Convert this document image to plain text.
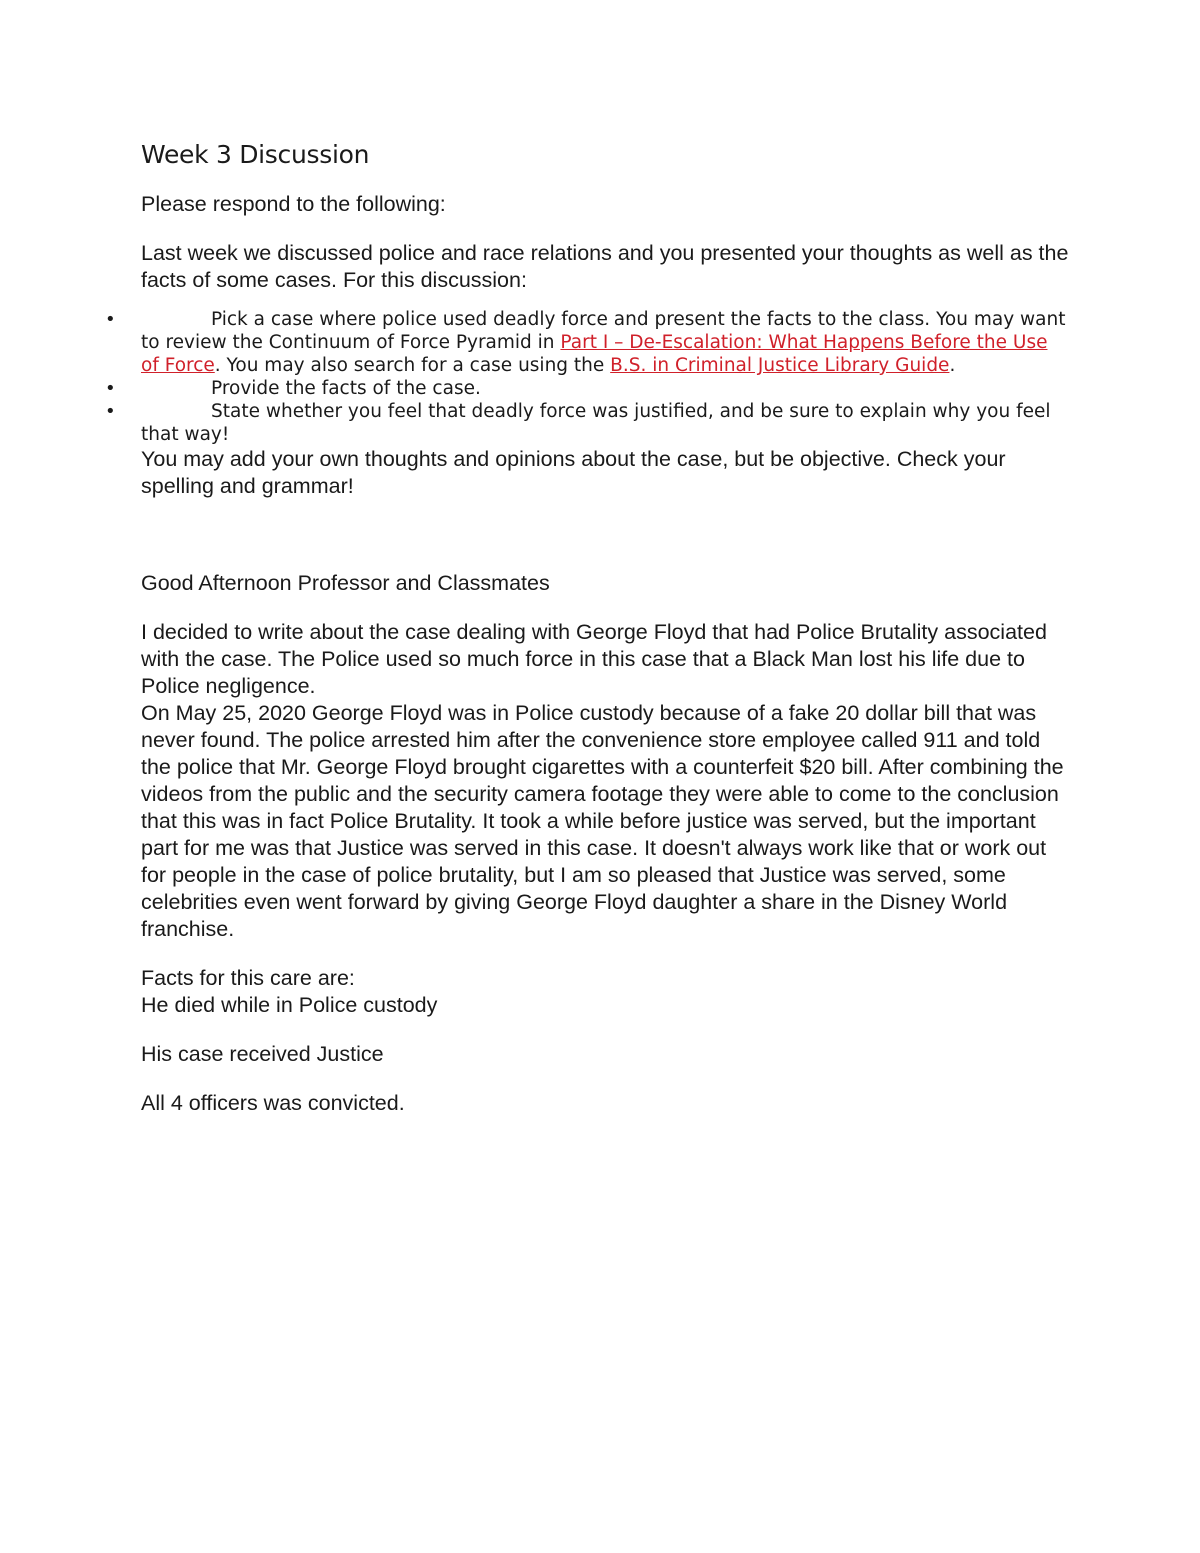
Week 3 Discussion

Please respond to the following:

Last week we discussed police and race relations and you presented your thoughts as well as the facts of some cases. For this discussion:

•	Pick a case where police used deadly force and present the facts to the class. You may want to review the Continuum of Force Pyramid in Part I – De-Escalation: What Happens Before the Use of Force. You may also search for a case using the B.S. in Criminal Justice Library Guide.
•	Provide the facts of the case.
•	State whether you feel that deadly force was justified, and be sure to explain why you feel that way!

You may add your own thoughts and opinions about the case, but be objective. Check your spelling and grammar!

Good Afternoon Professor and Classmates

I decided to write about the case dealing with George Floyd that had Police Brutality associated with the case. The Police used so much force in this case that a Black Man lost his life due to Police negligence.

On May 25, 2020 George Floyd was in Police custody because of a fake 20 dollar bill that was never found. The police arrested him after the convenience store employee called 911 and told the police that Mr. George Floyd brought cigarettes with a counterfeit $20 bill. After combining the videos from the public and the security camera footage they were able to come to the conclusion that this was in fact Police Brutality. It took a while before justice was served, but the important part for me was that Justice was served in this case. It doesn't always work like that or work out for people in the case of police brutality, but I am so pleased that Justice was served, some celebrities even went forward by giving George Floyd daughter a share in the Disney World franchise.

Facts for this care are:

He died while in Police custody

His case received Justice

All 4 officers was convicted.
